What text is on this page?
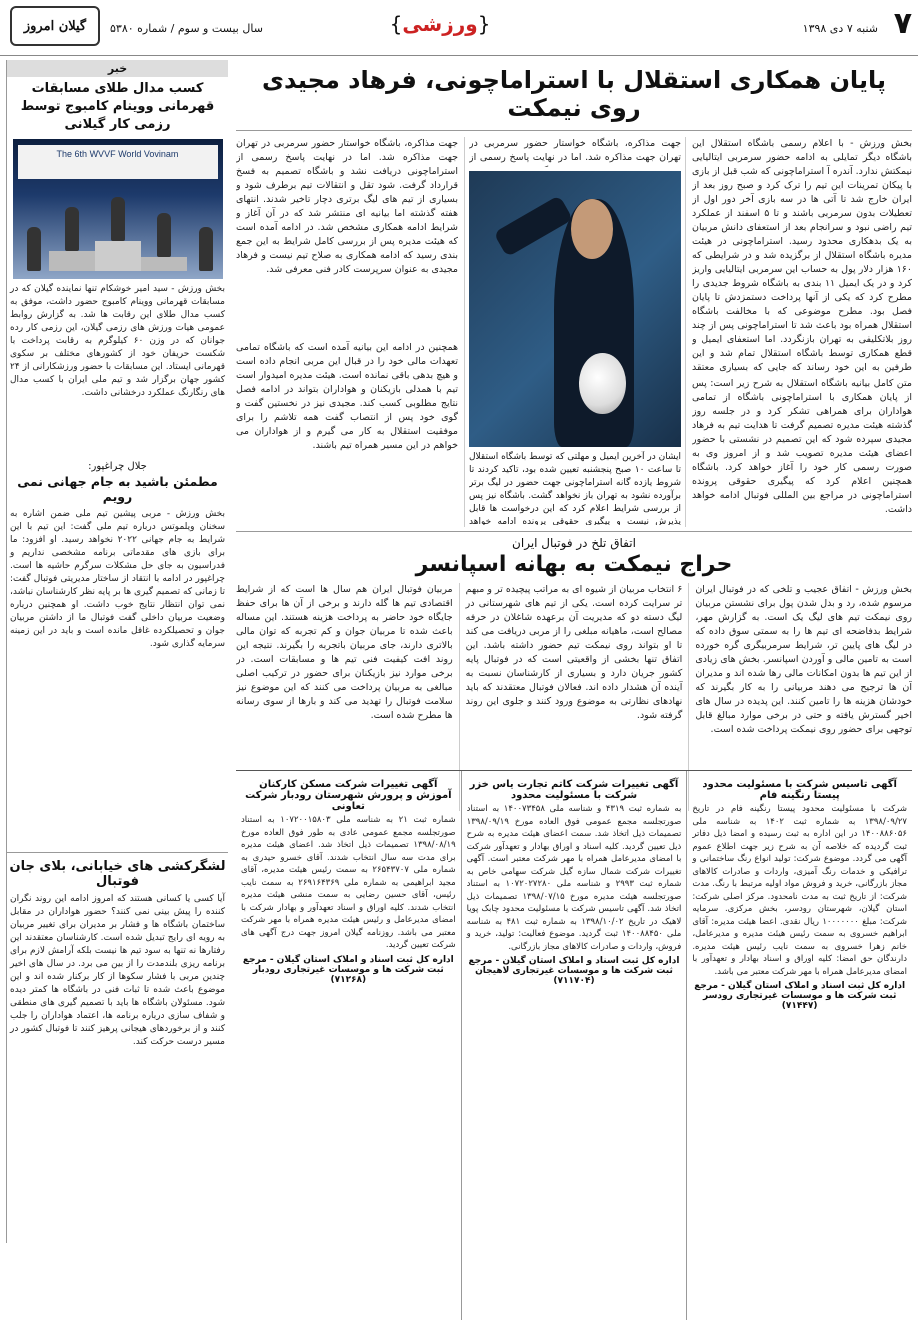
۷
شنبه ۷ دی ۱۳۹۸
{ورزشی}
سال بیست و سوم / شماره ۵۳۸۰
گیلان امروز
پایان همکاری استقلال با استراماچونی، فرهاد مجیدی روی نیمکت
بخش ورزش - با اعلام رسمی باشگاه استقلال این باشگاه دیگر تمایلی به ادامه حضور سرمربی ایتالیایی نیمکتش ندارد. آندره آ استراماچونی که شب قبل از بازی با پیکان تمرینات این تیم را ترک کرد و صبح روز بعد از ایران خارج شد تا آتی ها در سه بازی آخر دور اول از تعطیلات بدون سرمربی باشند و تا ۵ اسفند از عملکرد تیم راضی نبود و سرانجام بعد از استعفای دانش مربیان به یک بدهکاری محدود رسید. استراماچونی در هیئت مدیره باشگاه استقلال از برگزیده شد و در شرایطی که ۱۶۰ هزار دلار پول به حساب این سرمربی ایتالیایی واریز کرد و در یک ایمیل ۱۱ بندی به باشگاه شروط جدیدی را مطرح کرد که یکی از آنها پرداخت دستمزدش تا پایان فصل بود. مطرح موضوعی که با مخالفت باشگاه استقلال همراه بود باعث شد تا استراماچونی پس از چند روز بلاتکلیفی به تهران بازنگردد. اما استعفای ایمیل و قطع همکاری توسط باشگاه استقلال تمام شد و این طرفین به این خود رساند که جایی که بسیاری معتقد
متن کامل بیانیه باشگاه استقلال به شرح زیر است: پس از پایان همکاری با استراماچونی باشگاه از تمامی هواداران برای همراهی تشکر کرد و در جلسه روز گذشته هیئت مدیره تصمیم گرفت تا هدایت تیم به فرهاد مجیدی سپرده شود که این تصمیم در نشستی با حضور اعضای هیئت مدیره تصویب شد و از امروز وی به صورت رسمی کار خود را آغاز خواهد کرد. باشگاه همچنین اعلام کرد که پیگیری حقوقی پرونده استراماچونی در مراجع بین المللی فوتبال ادامه خواهد داشت.
جهت مذاکره، باشگاه خواستار حضور سرمربی در تهران جهت مذاکره شد. اما در نهایت پاسخ رسمی از
ایشان در آخرین ایمیل و مهلتی که توسط باشگاه استقلال تا ساعت ۱۰ صبح پنجشنبه تعیین شده بود، تاکید کردند تا شروط یازده گانه استراماچونی جهت حضور در لیگ برتر برآورده نشود به تهران باز نخواهد گشت. باشگاه نیز پس از بررسی شرایط اعلام کرد که این درخواست ها قابل پذیرش نیست و پیگیری حقوقی پرونده ادامه خواهد
جهت مذاکره، باشگاه خواستار حضور سرمربی در تهران جهت مذاکره شد. اما در نهایت پاسخ رسمی از استراماچونی دریافت نشد و باشگاه تصمیم به فسخ قرارداد گرفت. شود تقل و انتقالات تیم برطرف شود و بسیاری از تیم های لیگ برتری دچار تاخیر شدند. انتهای هفته گذشته اما بیانیه ای منتشر شد که در آن آغاز و شرایط ادامه همکاری مشخص شد. در ادامه آمده است که هیئت مدیره پس از بررسی کامل شرایط به این جمع بندی رسید که ادامه همکاری به صلاح تیم نیست و فرهاد مجیدی به عنوان سرپرست کادر فنی معرفی شد.
همچنین در ادامه این بیانیه آمده است که باشگاه تمامی تعهدات مالی خود را در قبال این مربی انجام داده است و هیچ بدهی باقی نمانده است. هیئت مدیره امیدوار است تیم با همدلی بازیکنان و هواداران بتواند در ادامه فصل نتایج مطلوبی کسب کند. مجیدی نیز در نخستین گفت و گوی خود پس از انتصاب گفت همه تلاشم را برای موفقیت استقلال به کار می گیرم و از هواداران می خواهم در این مسیر همراه تیم باشند.
اتفاق تلخ در فوتبال ایران
حراج نیمکت به بهانه اسپانسر
بخش ورزش - اتفاق عجیب و تلخی که در فوتبال ایران مرسوم شده، رد و بدل شدن پول برای نشستن مربیان روی نیمکت تیم های لیگ یک است. به گزارش مهر، شرایط بدفاضحه ای تیم ها را به سمتی سوق داده که در لیگ های پایین تر، شرایط سرمربیگری گره خورده است به تامین مالی و آوردن اسپانسر. بخش های زیادی از این تیم ها بدون امکانات مالی رها شده اند و مدیران آن ها ترجیح می دهند مربیانی را به کار بگیرند که خودشان هزینه ها را تامین کنند. این پدیده در سال های اخیر گسترش یافته و حتی در برخی موارد مبالغ قابل توجهی برای حضور روی نیمکت پرداخت شده است.
۶ انتخاب مربیان از شیوه ای به مراتب پیچیده تر و مبهم تر سرایت کرده است. یکی از تیم های شهرستانی در لیگ دسته دو که مدیریت آن برعهده شاغلان در حرفه مصالح است، ماهیانه مبلغی را از مربی دریافت می کند تا او بتواند روی نیمکت تیم حضور داشته باشد. این اتفاق تنها بخشی از واقعیتی است که در فوتبال پایه کشور جریان دارد و بسیاری از کارشناسان نسبت به آینده آن هشدار داده اند. فعالان فوتبال معتقدند که باید نهادهای نظارتی به موضوع ورود کنند و جلوی این روند گرفته شود.
مربیان فوتبال ایران هم سال ها است که از شرایط اقتصادی تیم ها گله دارند و برخی از آن ها برای حفظ جایگاه خود حاضر به پرداخت هزینه هستند. این مساله باعث شده تا مربیان جوان و کم تجربه که توان مالی بالاتری دارند، جای مربیان باتجربه را بگیرند. نتیجه این روند افت کیفیت فنی تیم ها و مسابقات است. در برخی موارد نیز بازیکنان برای حضور در ترکیب اصلی مبالغی به مربیان پرداخت می کنند که این موضوع نیز سلامت فوتبال را تهدید می کند و بارها از سوی رسانه ها مطرح شده است.
آگهی تاسیس شرکت با مسئولیت محدود پیستا رنگینه فام
شرکت با مسئولیت محدود پیستا رنگینه فام در تاریخ ۱۳۹۸/۰۹/۲۷ به شماره ثبت ۱۴۰۲ به شناسه ملی ۱۴۰۰۸۸۶۰۵۶ در این اداره به ثبت رسیده و امضا ذیل دفاتر ثبت گردیده که خلاصه آن به شرح زیر جهت اطلاع عموم آگهی می گردد. موضوع شرکت: تولید انواع رنگ ساختمانی و ترافیکی و خدمات رنگ آمیزی، واردات و صادرات کالاهای مجاز بازرگانی، خرید و فروش مواد اولیه مرتبط با رنگ. مدت شرکت: از تاریخ ثبت به مدت نامحدود. مرکز اصلی شرکت: استان گیلان، شهرستان رودسر، بخش مرکزی. سرمایه شرکت: مبلغ ۱۰۰۰۰۰۰۰ ریال نقدی. اعضا هیئت مدیره: آقای ابراهیم خسروی به سمت رئیس هیئت مدیره و مدیرعامل، خانم زهرا خسروی به سمت نایب رئیس هیئت مدیره. دارندگان حق امضا: کلیه اوراق و اسناد بهادار و تعهدآور با امضای مدیرعامل همراه با مهر شرکت معتبر می باشد.
اداره کل ثبت اسناد و املاک استان گیلان - مرجع ثبت شرکت ها و موسسات غیرتجاری رودسر (۷۱۴۴۷)
آگهی تغییرات شرکت کاتم تجارت یاس خزر شرکت با مسئولیت محدود
به شماره ثبت ۴۳۱۹ و شناسه ملی ۱۴۰۰۷۳۴۵۸ به استناد صورتجلسه مجمع عمومی فوق العاده مورخ ۱۳۹۸/۰۹/۱۹ تصمیمات ذیل اتخاذ شد. سمت اعضای هیئت مدیره به شرح ذیل تعیین گردید. کلیه اسناد و اوراق بهادار و تعهدآور شرکت با امضای مدیرعامل همراه با مهر شرکت معتبر است. آگهی تغییرات شرکت شمال سازه گیل شرکت سهامی خاص به شماره ثبت ۲۹۹۳ و شناسه ملی ۱۰۷۲۰۲۷۲۸۰ به استناد صورتجلسه هیئت مدیره مورخ ۱۳۹۸/۰۷/۱۵ تصمیمات ذیل اتخاذ شد. آگهی تاسیس شرکت با مسئولیت محدود چابک پویا لاهیک در تاریخ ۱۳۹۸/۱۰/۰۲ به شماره ثبت ۴۸۱ به شناسه ملی ۱۴۰۰۸۸۴۵۰ ثبت گردید. موضوع فعالیت: تولید، خرید و فروش، واردات و صادرات کالاهای مجاز بازرگانی.
اداره کل ثبت اسناد و املاک استان گیلان - مرجع ثبت شرکت ها و موسسات غیرتجاری لاهیجان (۷۱۱۷۰۴)
آگهی تغییرات شرکت مسکن کارکنان آموزش و پرورش شهرستان رودبار شرکت تعاونی
شماره ثبت ۲۱ به شناسه ملی ۱۰۷۲۰۰۱۵۸۰۳ به استناد صورتجلسه مجمع عمومی عادی به طور فوق العاده مورخ ۱۳۹۸/۰۸/۱۹ تصمیمات ذیل اتخاذ شد. اعضای هیئت مدیره برای مدت سه سال انتخاب شدند. آقای خسرو حیدری به شماره ملی ۲۶۵۴۳۷۰۷ به سمت رئیس هیئت مدیره، آقای مجید ابراهیمی به شماره ملی ۲۶۹۱۶۴۳۶۹ به سمت نایب رئیس، آقای حسین رضایی به سمت منشی هیئت مدیره انتخاب شدند. کلیه اوراق و اسناد تعهدآور و بهادار شرکت با امضای مدیرعامل و رئیس هیئت مدیره همراه با مهر شرکت معتبر می باشد. روزنامه گیلان امروز جهت درج آگهی های شرکت تعیین گردید.
اداره کل ثبت اسناد و املاک استان گیلان - مرجع ثبت شرکت ها و موسسات غیرتجاری رودبار (۷۱۲۶۸)
خبر
کسب مدال طلای مسابقات قهرمانی ووینام کامبوج توسط رزمی کار گیلانی
The 6th WVVF World Vovinam
بخش ورزش - سید امیر خوشکام تنها نماینده گیلان که در مسابقات قهرمانی ووینام کامبوج حضور داشت، موفق به کسب مدال طلای این رقابت ها شد. به گزارش روابط عمومی هیات ورزش های رزمی گیلان، این رزمی کار رده جوانان که در وزن ۶۰ کیلوگرم به رقابت پرداخت با شکست حریفان خود از کشورهای مختلف بر سکوی قهرمانی ایستاد. این مسابقات با حضور ورزشکارانی از ۲۴ کشور جهان برگزار شد و تیم ملی ایران با کسب مدال های رنگارنگ عملکرد درخشانی داشت.
جلال چراغپور:
مطمئن باشید به جام جهانی نمی رویم
بخش ورزش - مربی پیشین تیم ملی ضمن اشاره به سخنان ویلموتس درباره تیم ملی گفت: این تیم با این شرایط به جام جهانی ۲۰۲۲ نخواهد رسید. او افزود: ما برای بازی های مقدماتی برنامه مشخصی نداریم و فدراسیون به جای حل مشکلات سرگرم حاشیه ها است. چراغپور در ادامه با انتقاد از ساختار مدیریتی فوتبال گفت: تا زمانی که تصمیم گیری ها بر پایه نظر کارشناسان نباشد، نمی توان انتظار نتایج خوب داشت. او همچنین درباره وضعیت مربیان داخلی گفت فوتبال ما از داشتن مربیان جوان و تحصیلکرده غافل مانده است و باید در این زمینه سرمایه گذاری شود.
لشگرکشی های خیابانی، بلای جان فوتبال
آیا کسی یا کسانی هستند که امروز ادامه این روند نگران کننده را پیش بینی نمی کنند؟ حضور هواداران در مقابل ساختمان باشگاه ها و فشار بر مدیران برای تغییر مربیان به رویه ای رایج تبدیل شده است. کارشناسان معتقدند این رفتارها نه تنها به سود تیم ها نیست بلکه آرامش لازم برای برنامه ریزی بلندمدت را از بین می برد. در سال های اخیر چندین مربی با فشار سکوها از کار برکنار شده اند و این موضوع باعث شده تا ثبات فنی در باشگاه ها کمتر دیده شود. مسئولان باشگاه ها باید با تصمیم گیری های منطقی و شفاف سازی درباره برنامه ها، اعتماد هواداران را جلب کنند و از برخوردهای هیجانی پرهیز کنند تا فوتبال کشور در مسیر درست حرکت کند.
